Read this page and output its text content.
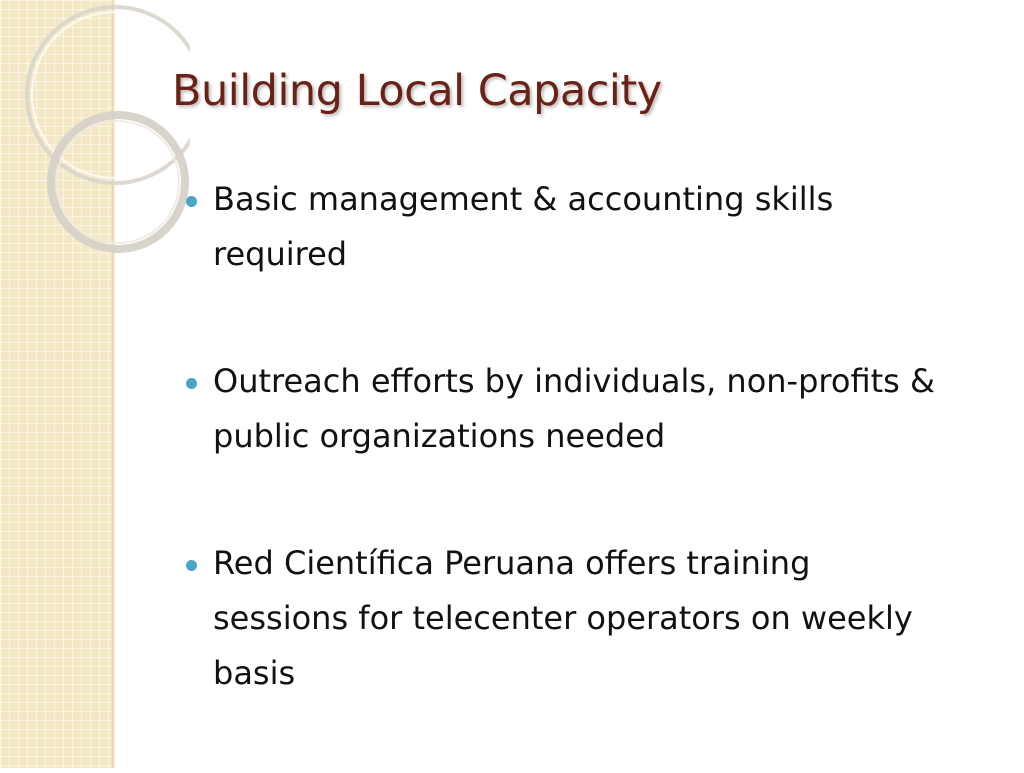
Building Local Capacity
Basic management & accounting skills required
Outreach efforts by individuals, non-profits & public organizations needed
Red Científica Peruana offers training sessions for telecenter operators on weekly basis
